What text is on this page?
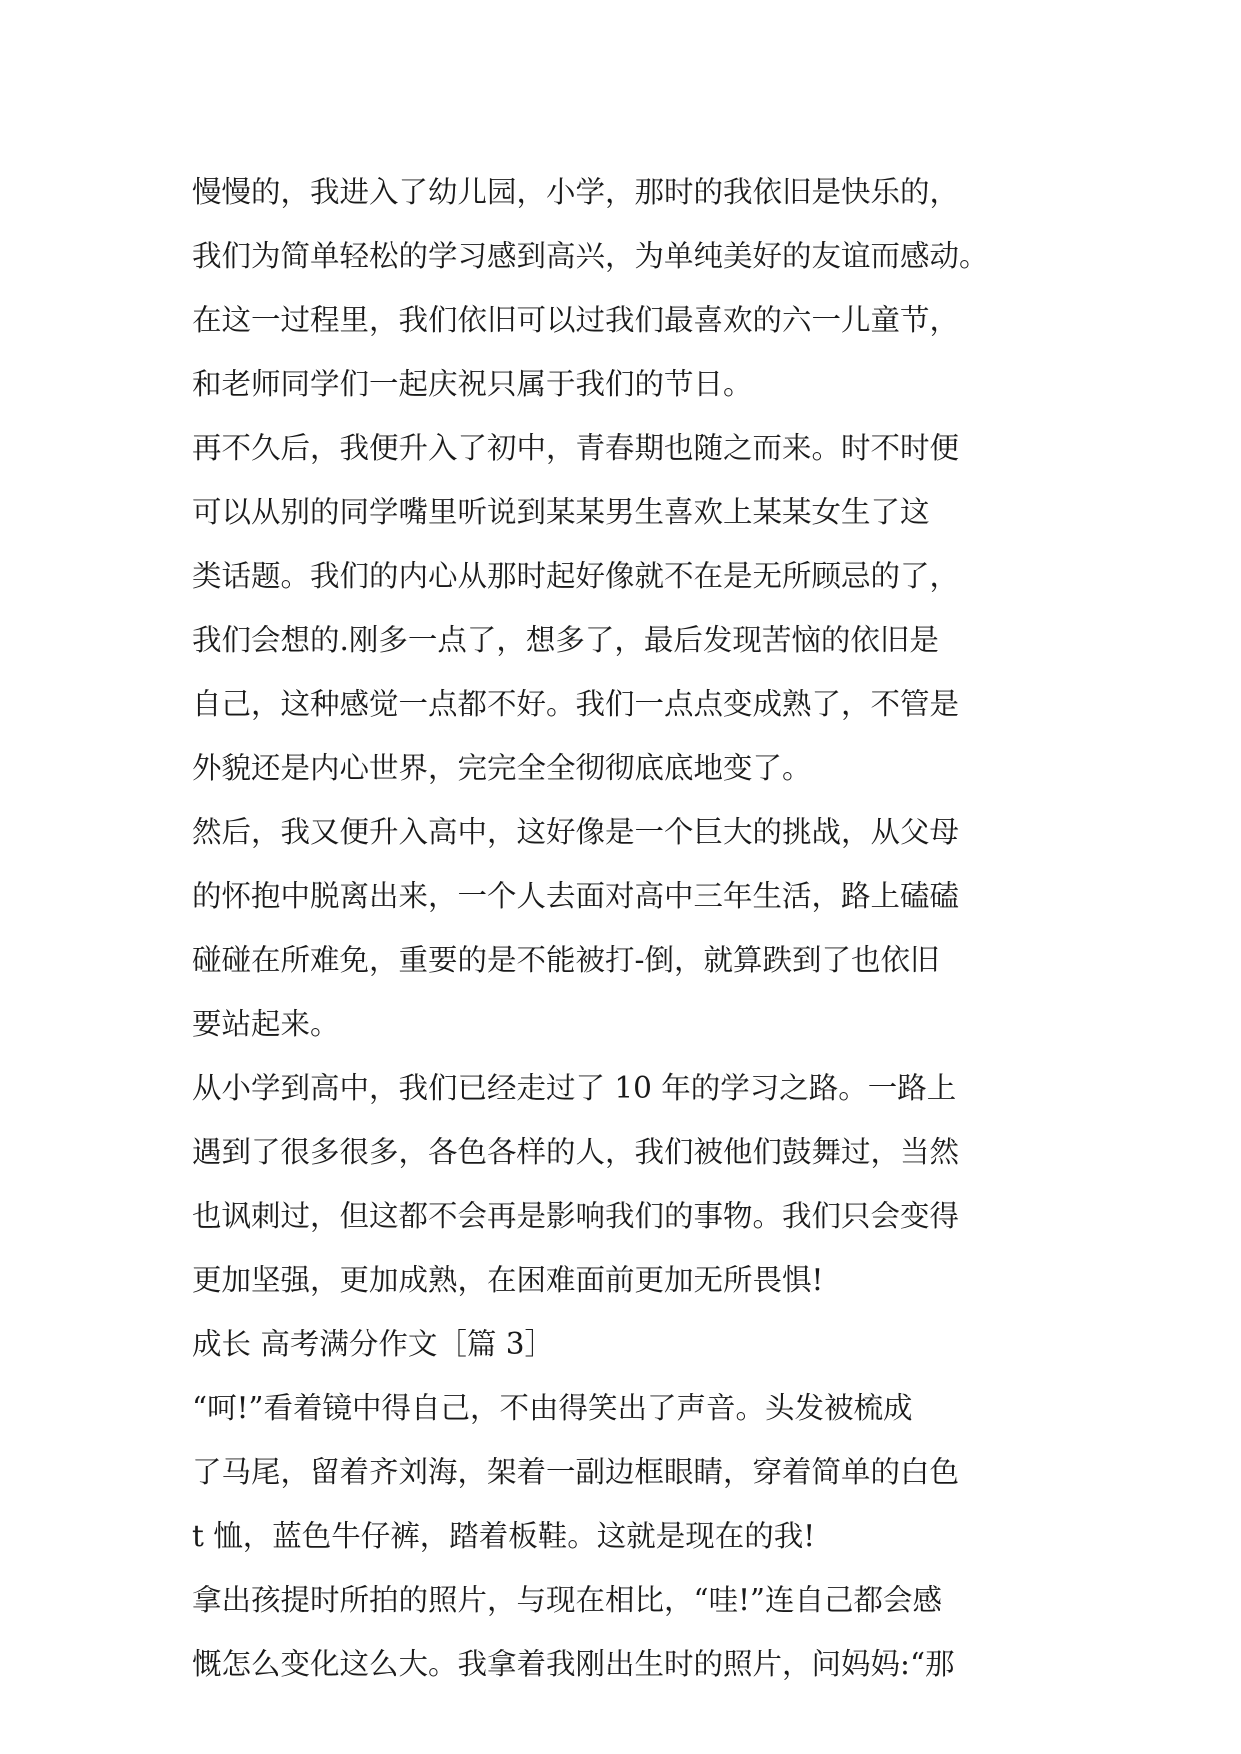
慢慢的，我进入了幼儿园，小学，那时的我依旧是快乐的，
我们为简单轻松的学习感到高兴，为单纯美好的友谊而感动。
在这一过程里，我们依旧可以过我们最喜欢的六一儿童节，
和老师同学们一起庆祝只属于我们的节日。
再不久后，我便升入了初中，青春期也随之而来。时不时便
可以从别的同学嘴里听说到某某男生喜欢上某某女生了这
类话题。我们的内心从那时起好像就不在是无所顾忌的了，
我们会想的.刚多一点了，想多了，最后发现苦恼的依旧是
自己，这种感觉一点都不好。我们一点点变成熟了，不管是
外貌还是内心世界，完完全全彻彻底底地变了。
然后，我又便升入高中，这好像是一个巨大的挑战，从父母
的怀抱中脱离出来，一个人去面对高中三年生活，路上磕磕
碰碰在所难免，重要的是不能被打-倒，就算跌到了也依旧
要站起来。
从小学到高中，我们已经走过了 10 年的学习之路。一路上
遇到了很多很多，各色各样的人，我们被他们鼓舞过，当然
也讽刺过，但这都不会再是影响我们的事物。我们只会变得
更加坚强，更加成熟，在困难面前更加无所畏惧!
成长 高考满分作文［篇 3］
“呵!”看着镜中得自己，不由得笑出了声音。头发被梳成
了马尾，留着齐刘海，架着一副边框眼睛，穿着简单的白色
t 恤，蓝色牛仔裤，踏着板鞋。这就是现在的我!
拿出孩提时所拍的照片，与现在相比，“哇!”连自己都会感
慨怎么变化这么大。我拿着我刚出生时的照片，问妈妈:“那
